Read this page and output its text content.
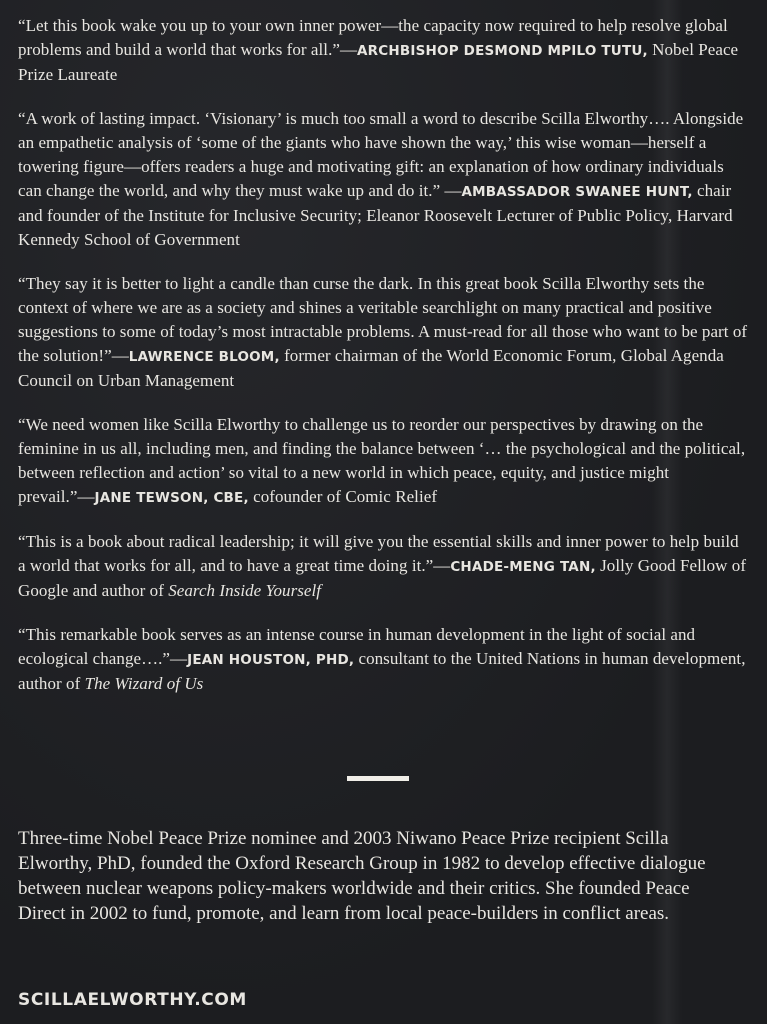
“Let this book wake you up to your own inner power—the capacity now required to help resolve global problems and build a world that works for all.”—ARCHBISHOP DESMOND MPILO TUTU, Nobel Peace Prize Laureate

“A work of lasting impact. ‘Visionary’ is much too small a word to describe Scilla Elworthy…. Alongside an empathetic analysis of ‘some of the giants who have shown the way,’ this wise woman—herself a towering figure—offers readers a huge and motivating gift: an explanation of how ordinary individuals can change the world, and why they must wake up and do it.” —AMBASSADOR SWANEE HUNT, chair and founder of the Institute for Inclusive Security; Eleanor Roosevelt Lecturer of Public Policy, Harvard Kennedy School of Government

“They say it is better to light a candle than curse the dark. In this great book Scilla Elworthy sets the context of where we are as a society and shines a veritable searchlight on many practical and positive suggestions to some of today’s most intractable problems. A must-read for all those who want to be part of the solution!”—LAWRENCE BLOOM, former chairman of the World Economic Forum, Global Agenda Council on Urban Management

“We need women like Scilla Elworthy to challenge us to reorder our perspectives by drawing on the feminine in us all, including men, and finding the balance between ‘… the psychological and the political, between reflection and action’ so vital to a new world in which peace, equity, and justice might prevail.”—JANE TEWSON, CBE, cofounder of Comic Relief

“This is a book about radical leadership; it will give you the essential skills and inner power to help build a world that works for all, and to have a great time doing it.”—CHADE-MENG TAN, Jolly Good Fellow of Google and author of Search Inside Yourself

“This remarkable book serves as an intense course in human development in the light of social and ecological change….”—JEAN HOUSTON, PHD, consultant to the United Nations in human development, author of The Wizard of Us

Three-time Nobel Peace Prize nominee and 2003 Niwano Peace Prize recipient Scilla Elworthy, PhD, founded the Oxford Research Group in 1982 to develop effective dialogue between nuclear weapons policy-makers worldwide and their critics. She founded Peace Direct in 2002 to fund, promote, and learn from local peace-builders in conflict areas.

SCILLAELWORTHY.COM
